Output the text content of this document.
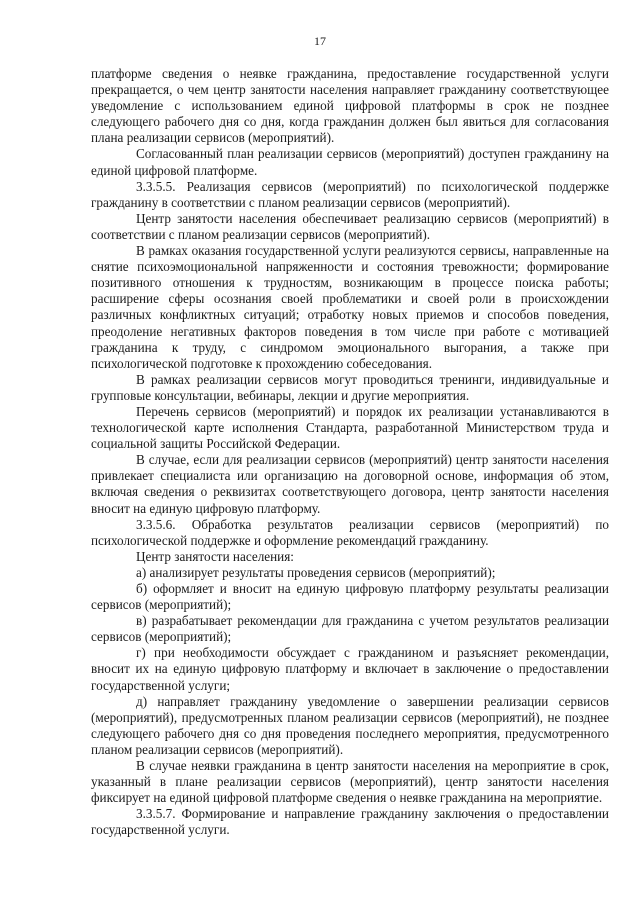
17

платформе сведения о неявке гражданина, предоставление государственной услуги прекращается, о чем центр занятости населения направляет гражданину соответствующее уведомление с использованием единой цифровой платформы в срок не позднее следующего рабочего дня со дня, когда гражданин должен был явиться для согласования плана реализации сервисов (мероприятий).

Согласованный план реализации сервисов (мероприятий) доступен гражданину на единой цифровой платформе.

3.3.5.5. Реализация сервисов (мероприятий) по психологической поддержке гражданину в соответствии с планом реализации сервисов (мероприятий).

Центр занятости населения обеспечивает реализацию сервисов (мероприятий) в соответствии с планом реализации сервисов (мероприятий).

В рамках оказания государственной услуги реализуются сервисы, направленные на снятие психоэмоциональной напряженности и состояния тревожности; формирование позитивного отношения к трудностям, возникающим в процессе поиска работы; расширение сферы осознания своей проблематики и своей роли в происхождении различных конфликтных ситуаций; отработку новых приемов и способов поведения, преодоление негативных факторов поведения в том числе при работе с мотивацией гражданина к труду, с синдромом эмоционального выгорания, а также при психологической подготовке к прохождению собеседования.

В рамках реализации сервисов могут проводиться тренинги, индивидуальные и групповые консультации, вебинары, лекции и другие мероприятия.

Перечень сервисов (мероприятий) и порядок их реализации устанавливаются в технологической карте исполнения Стандарта, разработанной Министерством труда и социальной защиты Российской Федерации.

В случае, если для реализации сервисов (мероприятий) центр занятости населения привлекает специалиста или организацию на договорной основе, информация об этом, включая сведения о реквизитах соответствующего договора, центр занятости населения вносит на единую цифровую платформу.

3.3.5.6. Обработка результатов реализации сервисов (мероприятий) по психологической поддержке и оформление рекомендаций гражданину.

Центр занятости населения:

а) анализирует результаты проведения сервисов (мероприятий);

б) оформляет и вносит на единую цифровую платформу результаты реализации сервисов (мероприятий);

в) разрабатывает рекомендации для гражданина с учетом результатов реализации сервисов (мероприятий);

г) при необходимости обсуждает с гражданином и разъясняет рекомендации, вносит их на единую цифровую платформу и включает в заключение о предоставлении государственной услуги;

д) направляет гражданину уведомление о завершении реализации сервисов (мероприятий), предусмотренных планом реализации сервисов (мероприятий), не позднее следующего рабочего дня со дня проведения последнего мероприятия, предусмотренного планом реализации сервисов (мероприятий).

В случае неявки гражданина в центр занятости населения на мероприятие в срок, указанный в плане реализации сервисов (мероприятий), центр занятости населения фиксирует на единой цифровой платформе сведения о неявке гражданина на мероприятие.

3.3.5.7. Формирование и направление гражданину заключения о предоставлении государственной услуги.
